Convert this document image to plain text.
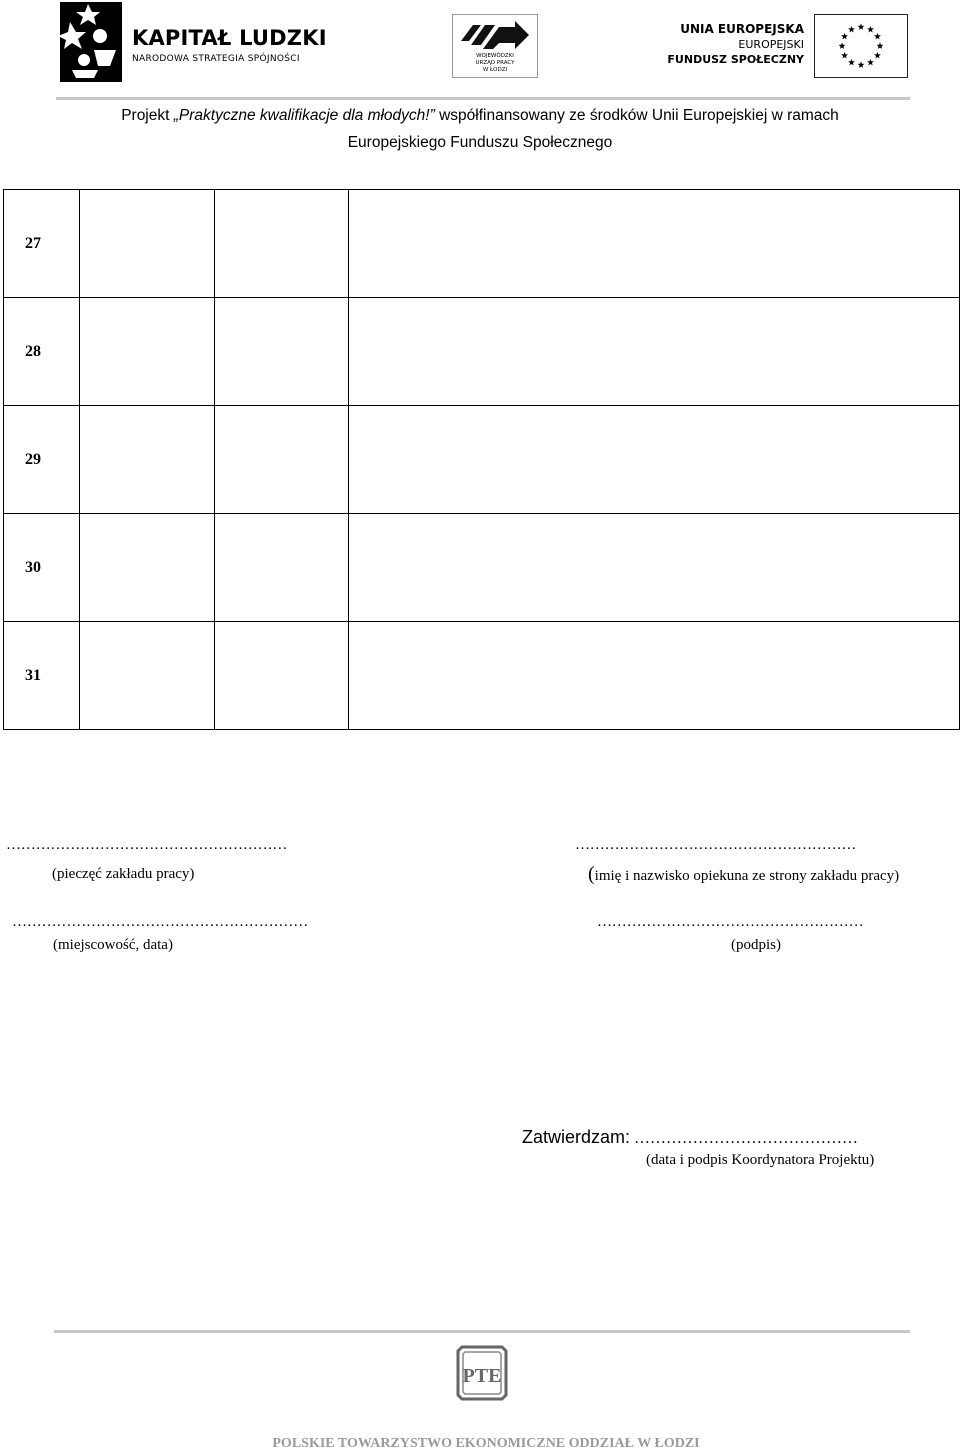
KAPITAŁ LUDZKI
NARODOWA STRATEGIA SPÓJNOŚCI	WOJEWÓDZKI
URZĄD PRACY
W ŁODZI
UNIA EUROPEJSKA
EUROPEJSKI
FUNDUSZ SPOŁECZNY
Projekt „Praktyczne kwalifikacje dla młodych!” współfinansowany ze środków Unii Europejskiej w ramach
Europejskiego Funduszu Społecznego
27			
28			
29			
30			
31			
…………………………………………………
(pieczęć zakładu pracy)
…………………………………………………
(imię i nazwisko opiekuna ze strony zakładu pracy)
……………………………………………………
(miejscowość, data)
………………………………………………
(podpis)
Zatwierdzam: ……………………………………
(data i podpis Koordynatora Projektu)
PTE
POLSKIE TOWARZYSTWO EKONOMICZNE ODDZIAŁ W ŁODZI
